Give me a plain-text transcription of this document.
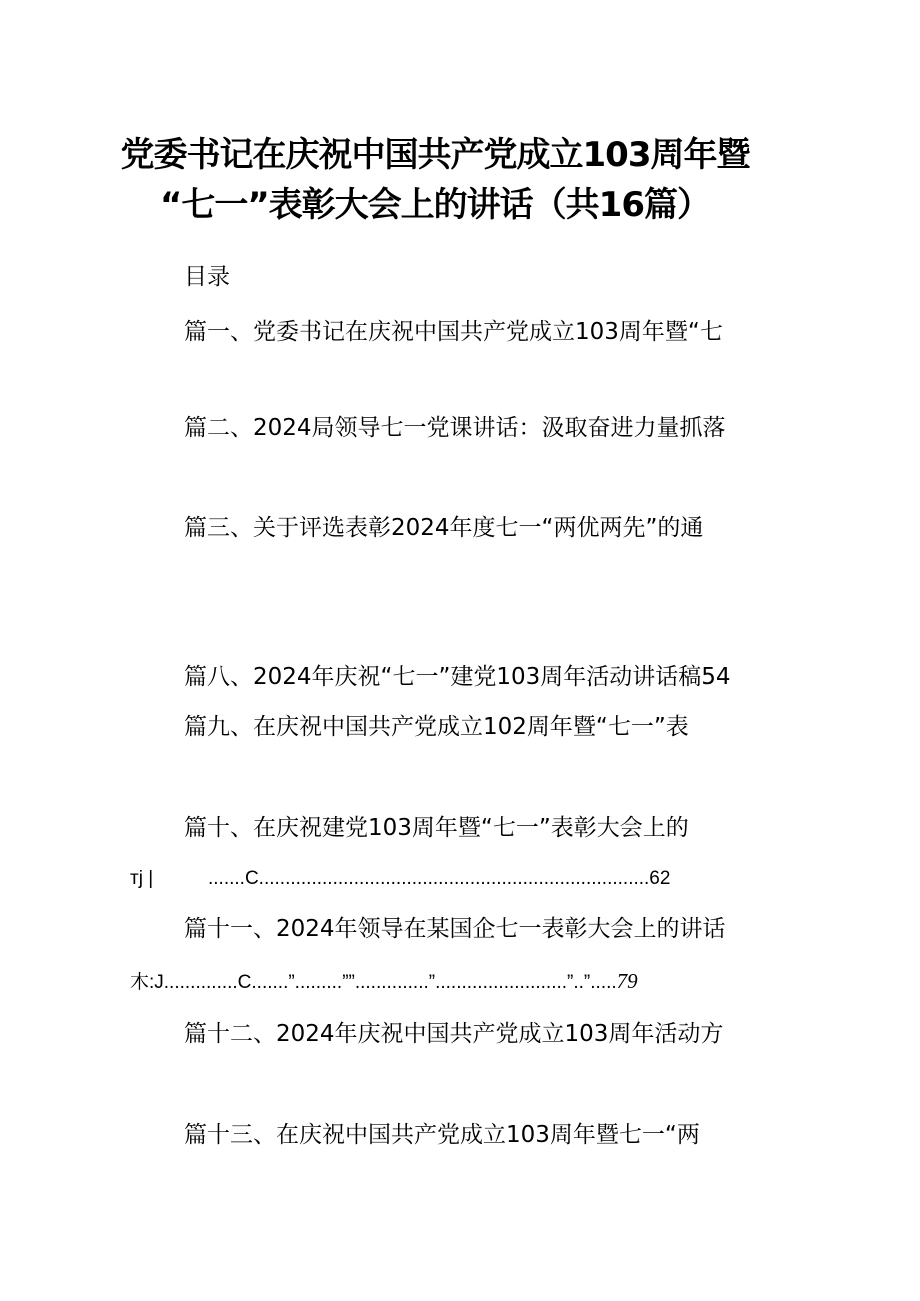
党委书记在庆祝中国共产党成立103周年暨
“七一”表彰大会上的讲话（共16篇）
目录
篇一、党委书记在庆祝中国共产党成立103周年暨“七
篇二、2024局领导七一党课讲话：汲取奋进力量抓落
篇三、关于评选表彰2024年度七一“两优两先”的通
篇八、2024年庆祝“七一”建党103周年活动讲话稿54
篇九、在庆祝中国共产党成立102周年暨“七一”表
篇十、在庆祝建党103周年暨“七一”表彰大会上的
тj |	.......C..........................................................................62
篇十一、2024年领导在某国企七一表彰大会上的讲话
木:J..............C.......”.........””..............”.........................”..”.....79
篇十二、2024年庆祝中国共产党成立103周年活动方
篇十三、在庆祝中国共产党成立103周年暨七一“两
